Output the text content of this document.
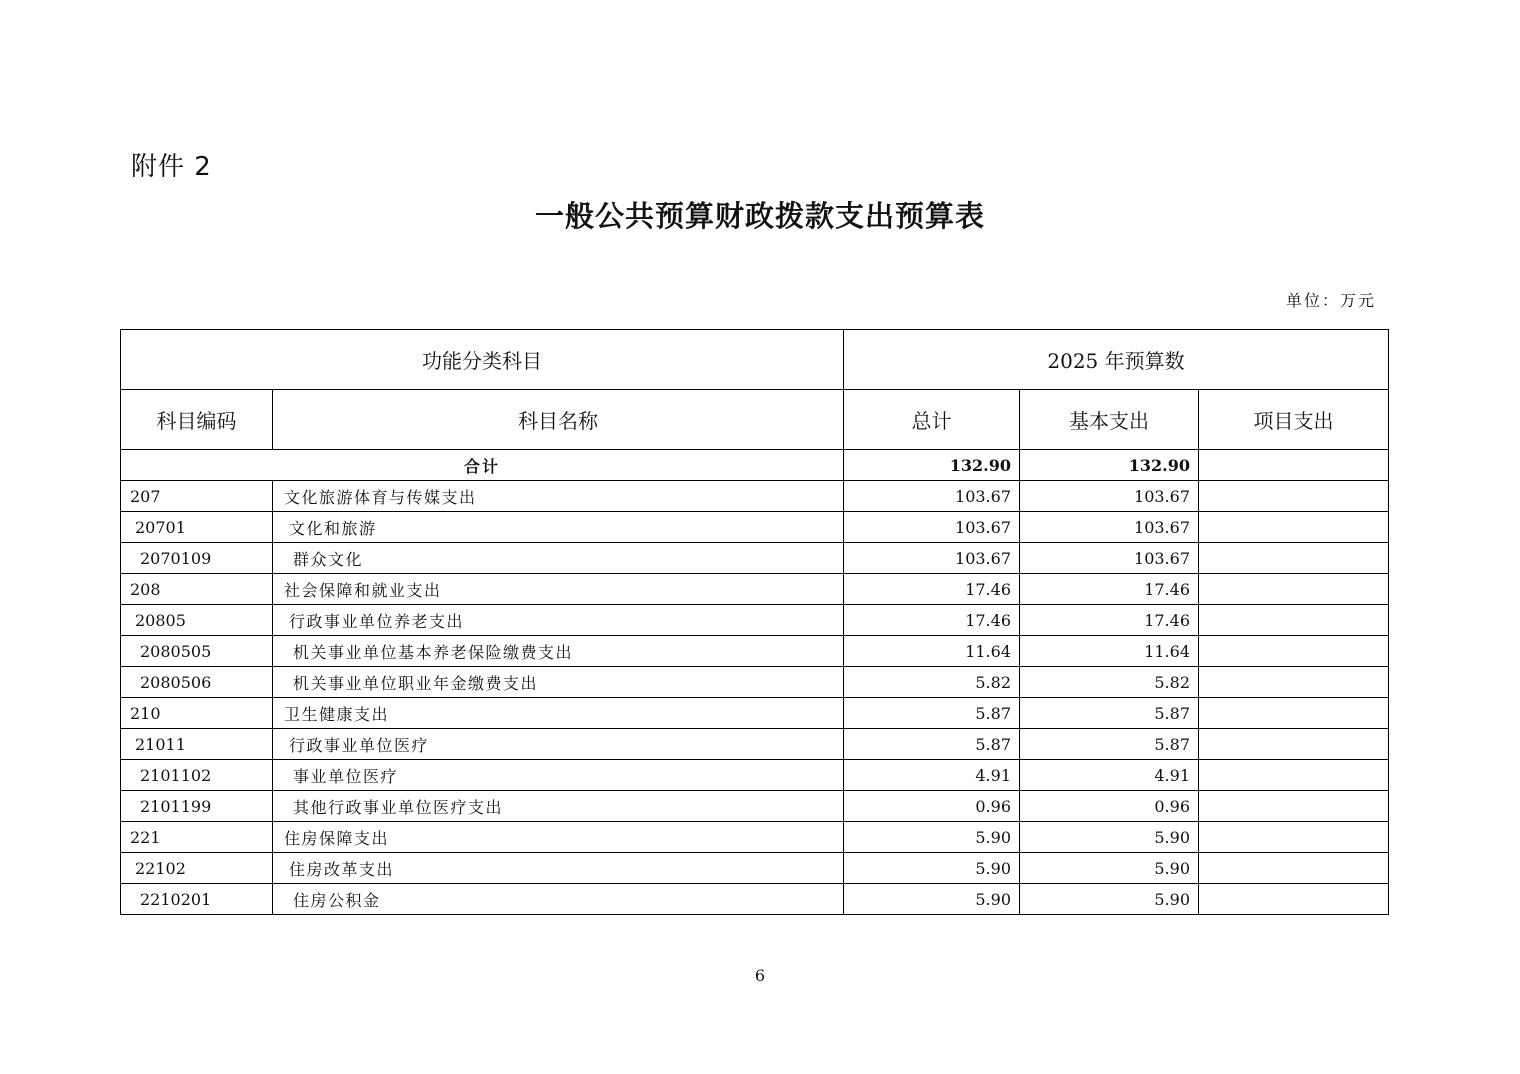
附件 2
一般公共预算财政拨款支出预算表
单位：万元
功能分类科目		2025 年预算数		
科目编码	科目名称	总计	基本支出	项目支出
合计		132.90	132.90	
207	文化旅游体育与传媒支出	103.67	103.67	
20701	文化和旅游	103.67	103.67	
2070109	群众文化	103.67	103.67	
208	社会保障和就业支出	17.46	17.46	
20805	行政事业单位养老支出	17.46	17.46	
2080505	机关事业单位基本养老保险缴费支出	11.64	11.64	
2080506	机关事业单位职业年金缴费支出	5.82	5.82	
210	卫生健康支出	5.87	5.87	
21011	行政事业单位医疗	5.87	5.87	
2101102	事业单位医疗	4.91	4.91	
2101199	其他行政事业单位医疗支出	0.96	0.96	
221	住房保障支出	5.90	5.90	
22102	住房改革支出	5.90	5.90	
2210201	住房公积金	5.90	5.90	
6
